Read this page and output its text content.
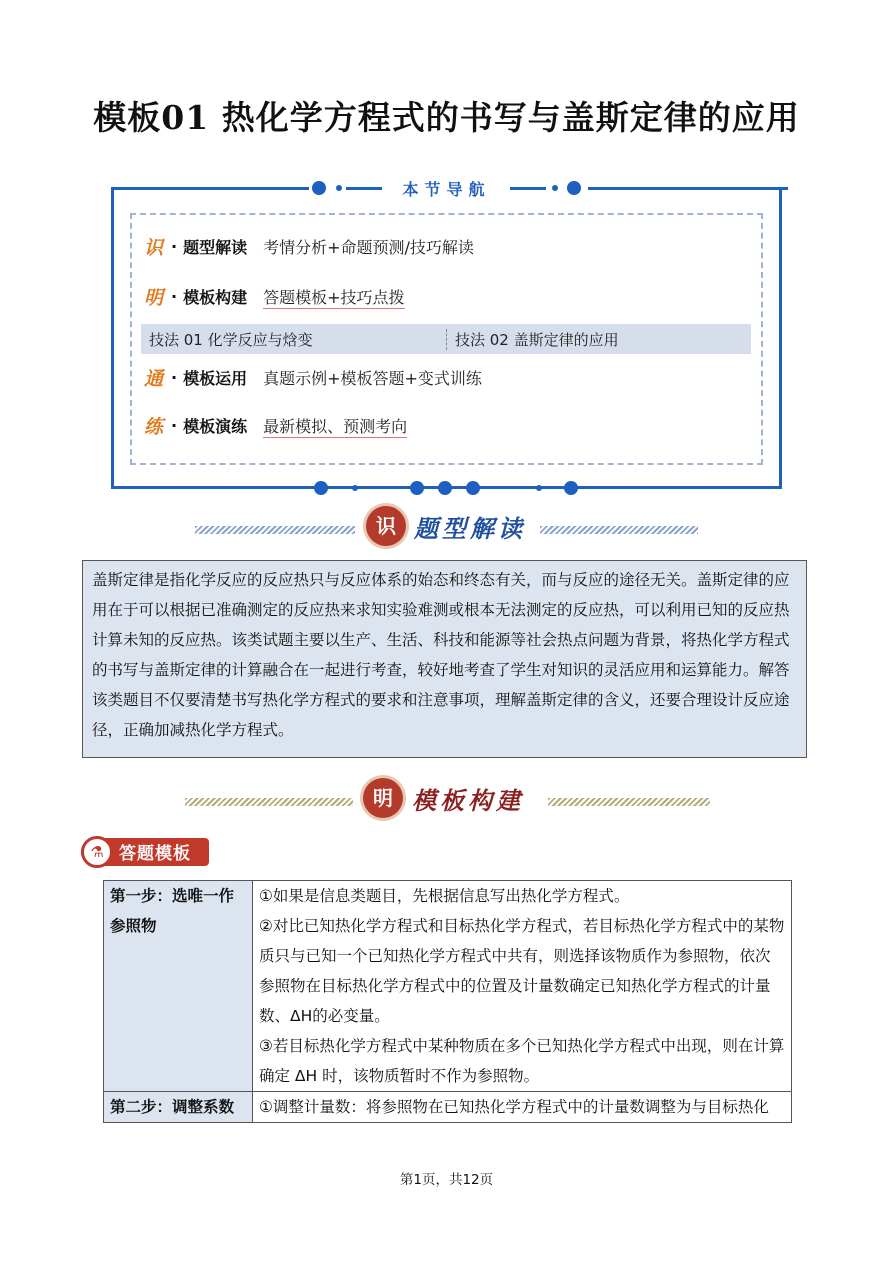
模板01 热化学方程式的书写与盖斯定律的应用
本节导航
识 · 题型解读 考情分析+命题预测/技巧解读
明 · 模板构建 答题模板+技巧点拨
通 · 模板运用 真题示例+模板答题+变式训练
练 · 模板演练 最新模拟、预测考向
技法 01 化学反应与焓变	技法 02 盖斯定律的应用
识 题型解读
盖斯定律是指化学反应的反应热只与反应体系的始态和终态有关，而与反应的途径无关。盖斯定律的应用在于可以根据已准确测定的反应热来求知实验难测或根本无法测定的反应热，可以利用已知的反应热计算未知的反应热。该类试题主要以生产、生活、科技和能源等社会热点问题为背景，将热化学方程式的书写与盖斯定律的计算融合在一起进行考查，较好地考查了学生对知识的灵活应用和运算能力。解答该类题目不仅要清楚书写热化学方程式的要求和注意事项，理解盖斯定律的含义，还要合理设计反应途径，正确加减热化学方程式。
明 模板构建
⚗ 答题模板
第一步：选唯一作参照物	①如果是信息类题目，先根据信息写出热化学方程式。
②对比已知热化学方程式和目标热化学方程式，若目标热化学方程式中的某物质只与已知一个已知热化学方程式中共有，则选择该物质作为参照物，依次参照物在目标热化学方程式中的位置及计量数确定已知热化学方程式的计量数、ΔH的必变量。
③若目标热化学方程式中某种物质在多个已知热化学方程式中出现，则在计算确定 ΔH 时，该物质暂时不作为参照物。

第二步：调整系数	①调整计量数：将参照物在已知热化学方程式中的计量数调整为与目标热化
第1页，共12页
